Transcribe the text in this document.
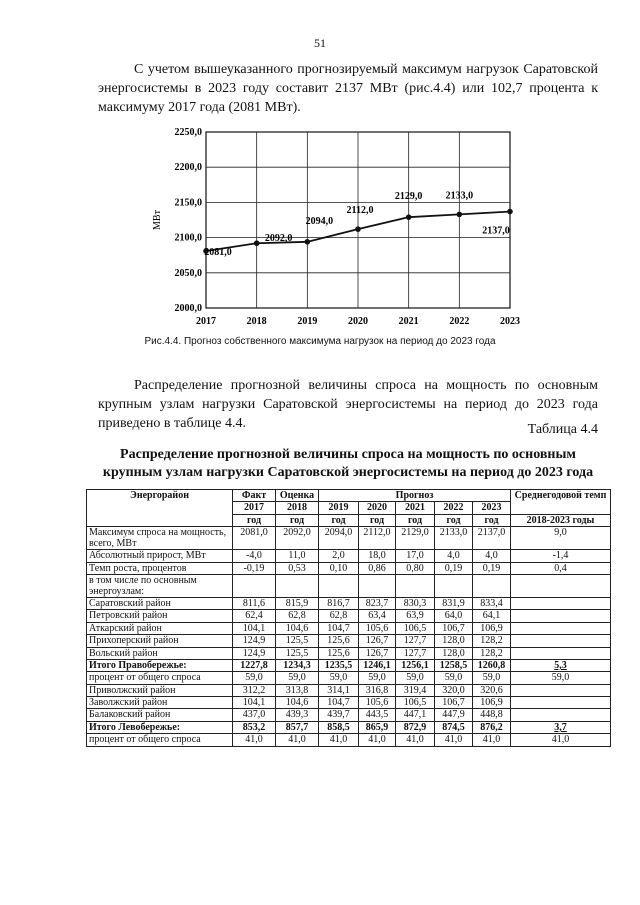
51
С учетом вышеуказанного прогнозируемый максимум нагрузок Саратовской энергосистемы в 2023 году составит 2137 МВт (рис.4.4) или 102,7 процента к максимуму 2017 года (2081 МВт).
2000,0
2050,0
2100,0
2150,0
2200,0
2250,0
2017	2018	2019	2020	2021	2022	2023
МВт
2081,0
2092,0
2094,0
2112,0
2129,0 2133,0
2137,0
Рис.4.4. Прогноз собственного максимума нагрузок на период до 2023 года
Распределение прогнозной величины спроса на мощность по основным крупным узлам нагрузки Саратовской энергосистемы на период до 2023 года приведено в таблице 4.4.	Таблица 4.4
Распределение прогнозной величины спроса на мощность по основным крупным узлам нагрузки Саратовской энергосистемы на период до 2023 года
Энергорайон	Факт	Оценка	Прогноз					Среднегодовой темп
	2017	2018	2019	2020	2021	2022	2023	
	год	год	год	год	год	год	год	2018-2023 годы
Максимум спроса на мощность, всего, МВт	2081,0	2092,0	2094,0	2112,0	2129,0	2133,0	2137,0	9,0
Абсолютный прирост, МВт	-4,0	11,0	2,0	18,0	17,0	4,0	4,0	-1,4
Темп роста, процентов	-0,19	0,53	0,10	0,86	0,80	0,19	0,19	0,4
в том числе по основным энергоузлам:								
Саратовский район	811,6	815,9	816,7	823,7	830,3	831,9	833,4	
Петровский район	62,4	62,8	62,8	63,4	63,9	64,0	64,1	
Аткарский район	104,1	104,6	104,7	105,6	106,5	106,7	106,9	
Прихоперский район	124,9	125,5	125,6	126,7	127,7	128,0	128,2	
Вольский район	124,9	125,5	125,6	126,7	127,7	128,0	128,2	
Итого Правобережье:	1227,8	1234,3	1235,5	1246,1	1256,1	1258,5	1260,8	5,3
процент от общего спроса	59,0	59,0	59,0	59,0	59,0	59,0	59,0	59,0
Приволжский район	312,2	313,8	314,1	316,8	319,4	320,0	320,6	
Заволжский район	104,1	104,6	104,7	105,6	106,5	106,7	106,9	
Балаковский район	437,0	439,3	439,7	443,5	447,1	447,9	448,8	
Итого Левобережье:	853,2	857,7	858,5	865,9	872,9	874,5	876,2	3,7
процент от общего спроса	41,0	41,0	41,0	41,0	41,0	41,0	41,0	41,0
